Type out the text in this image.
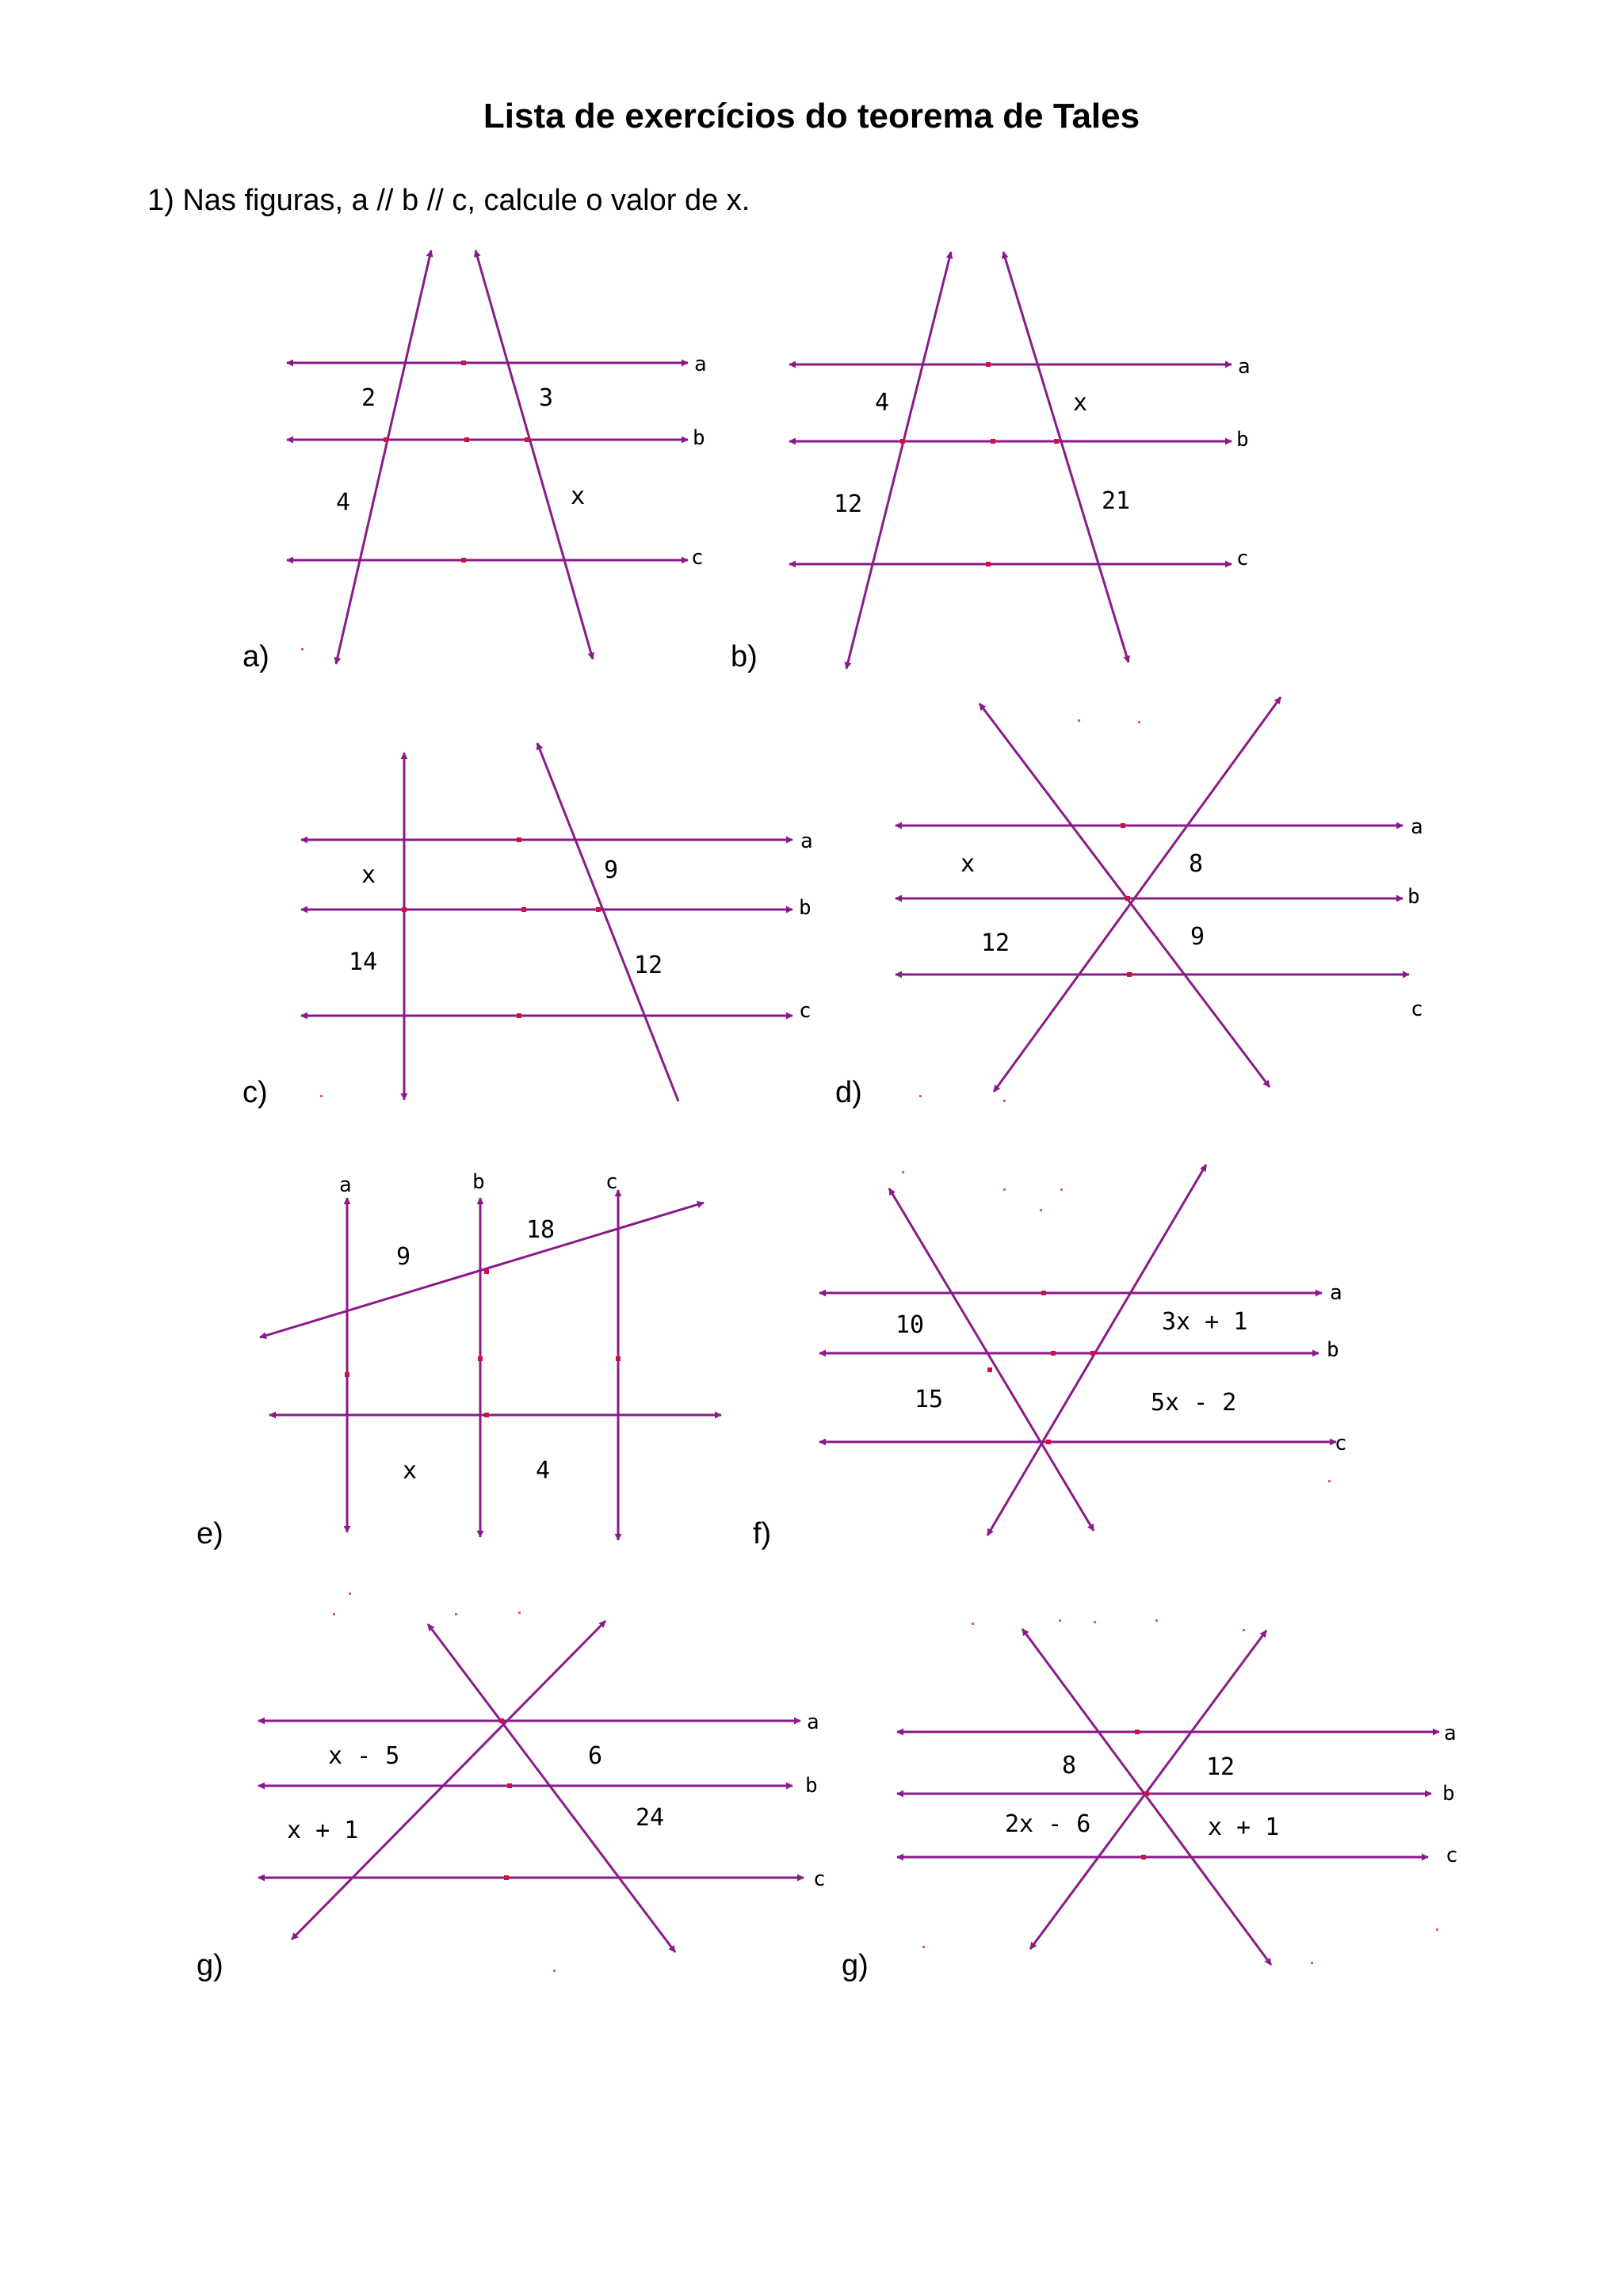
Lista de exercícios do teorema de Tales
1) Nas figuras, a // b // c, calcule o valor de x.
a)	b)
c)	d)
e)	f)
g)	g)
a
b
c
2	3
4	x
a
b
c
4	x
12	21
a
b
c
x	9
14	12
a
b
c
x	8
12	9
a	b	c
9
18
x	4
a
b
c
10	3x + 1
15	5x - 2
a
b
c
x - 5	6
x + 1	24
a
b
c
8	12
2x - 6	x + 1
